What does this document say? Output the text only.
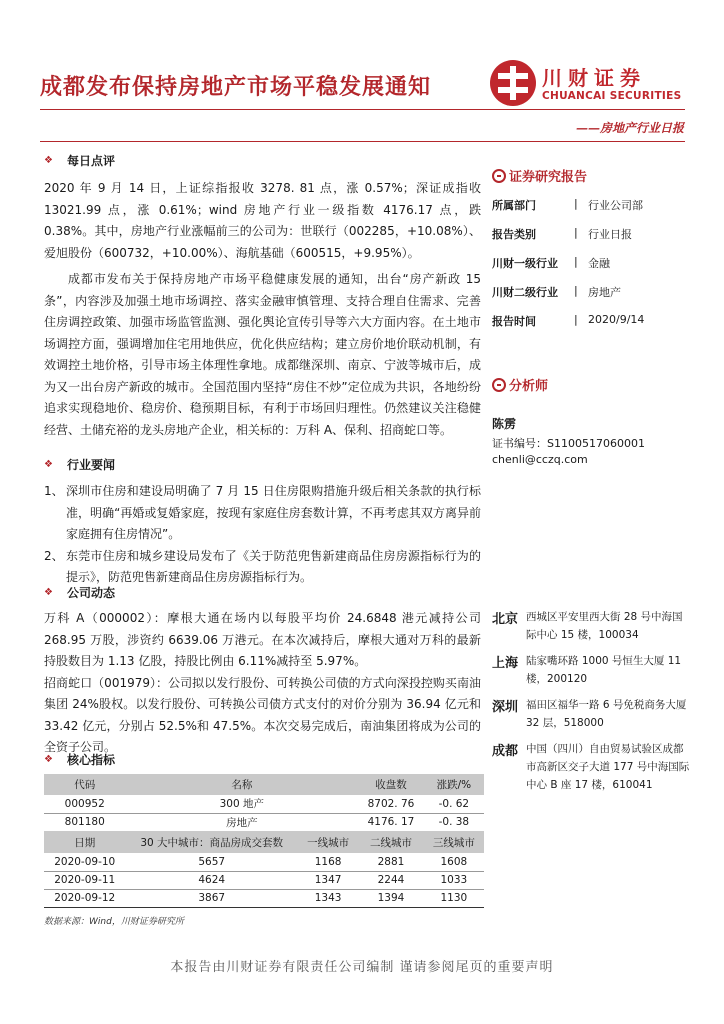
成都发布保持房地产市场平稳发展通知	川财证券
CHUANCAI SECURITIES
——房地产行业日报
❖ 每日点评

2020 年 9 月 14 日，上证综指报收 3278. 81 点，涨 0.57%；深证成指收 13021.99 点，涨 0.61%；wind 房地产行业一级指数 4176.17 点，跌 0.38%。其中，房地产行业涨幅前三的公司为：世联行（002285，+10.08%）、爱旭股份（600732，+10.00%）、海航基础（600515，+9.95%）。

成都市发布关于保持房地产市场平稳健康发展的通知，出台“房产新政 15 条”，内容涉及加强土地市场调控、落实金融审慎管理、支持合理自住需求、完善住房调控政策、加强市场监管监测、强化舆论宣传引导等六大方面内容。在土地市场调控方面，强调增加住宅用地供应，优化供应结构；建立房价地价联动机制，有效调控土地价格，引导市场主体理性拿地。成都继深圳、南京、宁波等城市后，成为又一出台房产新政的城市。全国范围内坚持“房住不炒”定位成为共识，各地纷纷追求实现稳地价、稳房价、稳预期目标，有利于市场回归理性。仍然建议关注稳健经营、土储充裕的龙头房地产企业，相关标的：万科 A、保利、招商蛇口等。

❖ 行业要闻
1、 深圳市住房和建设局明确了 7 月 15 日住房限购措施升级后相关条款的执行标准，明确“再婚或复婚家庭，按现有家庭住房套数计算，不再考虑其双方离异前家庭拥有住房情况”。
2、 东莞市住房和城乡建设局发布了《关于防范兜售新建商品住房房源指标行为的提示》，防范兜售新建商品住房房源指标行为。
❖ 公司动态

万科 A（000002）：摩根大通在场内以每股平均价 24.6848 港元减持公司 268.95 万股，涉资约 6639.06 万港元。在本次减持后，摩根大通对万科的最新持股数目为 1.13 亿股，持股比例由 6.11%减持至 5.97%。

招商蛇口（001979）：公司拟以发行股份、可转换公司债的方式向深投控购买南油集团 24%股权。以发行股份、可转换公司债方式支付的对价分别为 36.94 亿元和 33.42 亿元，分别占 52.5%和 47.5%。本次交易完成后，南油集团将成为公司的全资子公司。

❖ 核心指标
代码	名称		收盘数	涨跌/%
000952	300 地产		8702. 76	-0. 62
801180	房地产		4176. 17	-0. 38
日期	30 大中城市：商品房成交套数	一线城市	二线城市	三线城市
2020-09-10	5657	1168	2881	1608
2020-09-11	4624	1347	2244	1033
2020-09-12	3867	1343	1394	1130
数据来源：Wind，川财证券研究所
证券研究报告
所属部门	| 行业公司部
报告类别	| 行业日报
川财一级行业	| 金融
川财二级行业	| 房地产
报告时间	| 2020/9/14
分析师
陈雳
证书编号：S1100517060001
chenli@cczq.com
北京 西城区平安里西大街 28 号中海国际中心 15 楼，100034
上海 陆家嘴环路 1000 号恒生大厦 11 楼，200120
深圳 福田区福华一路 6 号免税商务大厦 32 层，518000
成都 中国（四川）自由贸易试验区成都市高新区交子大道 177 号中海国际中心 B 座 17 楼，610041
本报告由川财证券有限责任公司编制 谨请参阅尾页的重要声明
